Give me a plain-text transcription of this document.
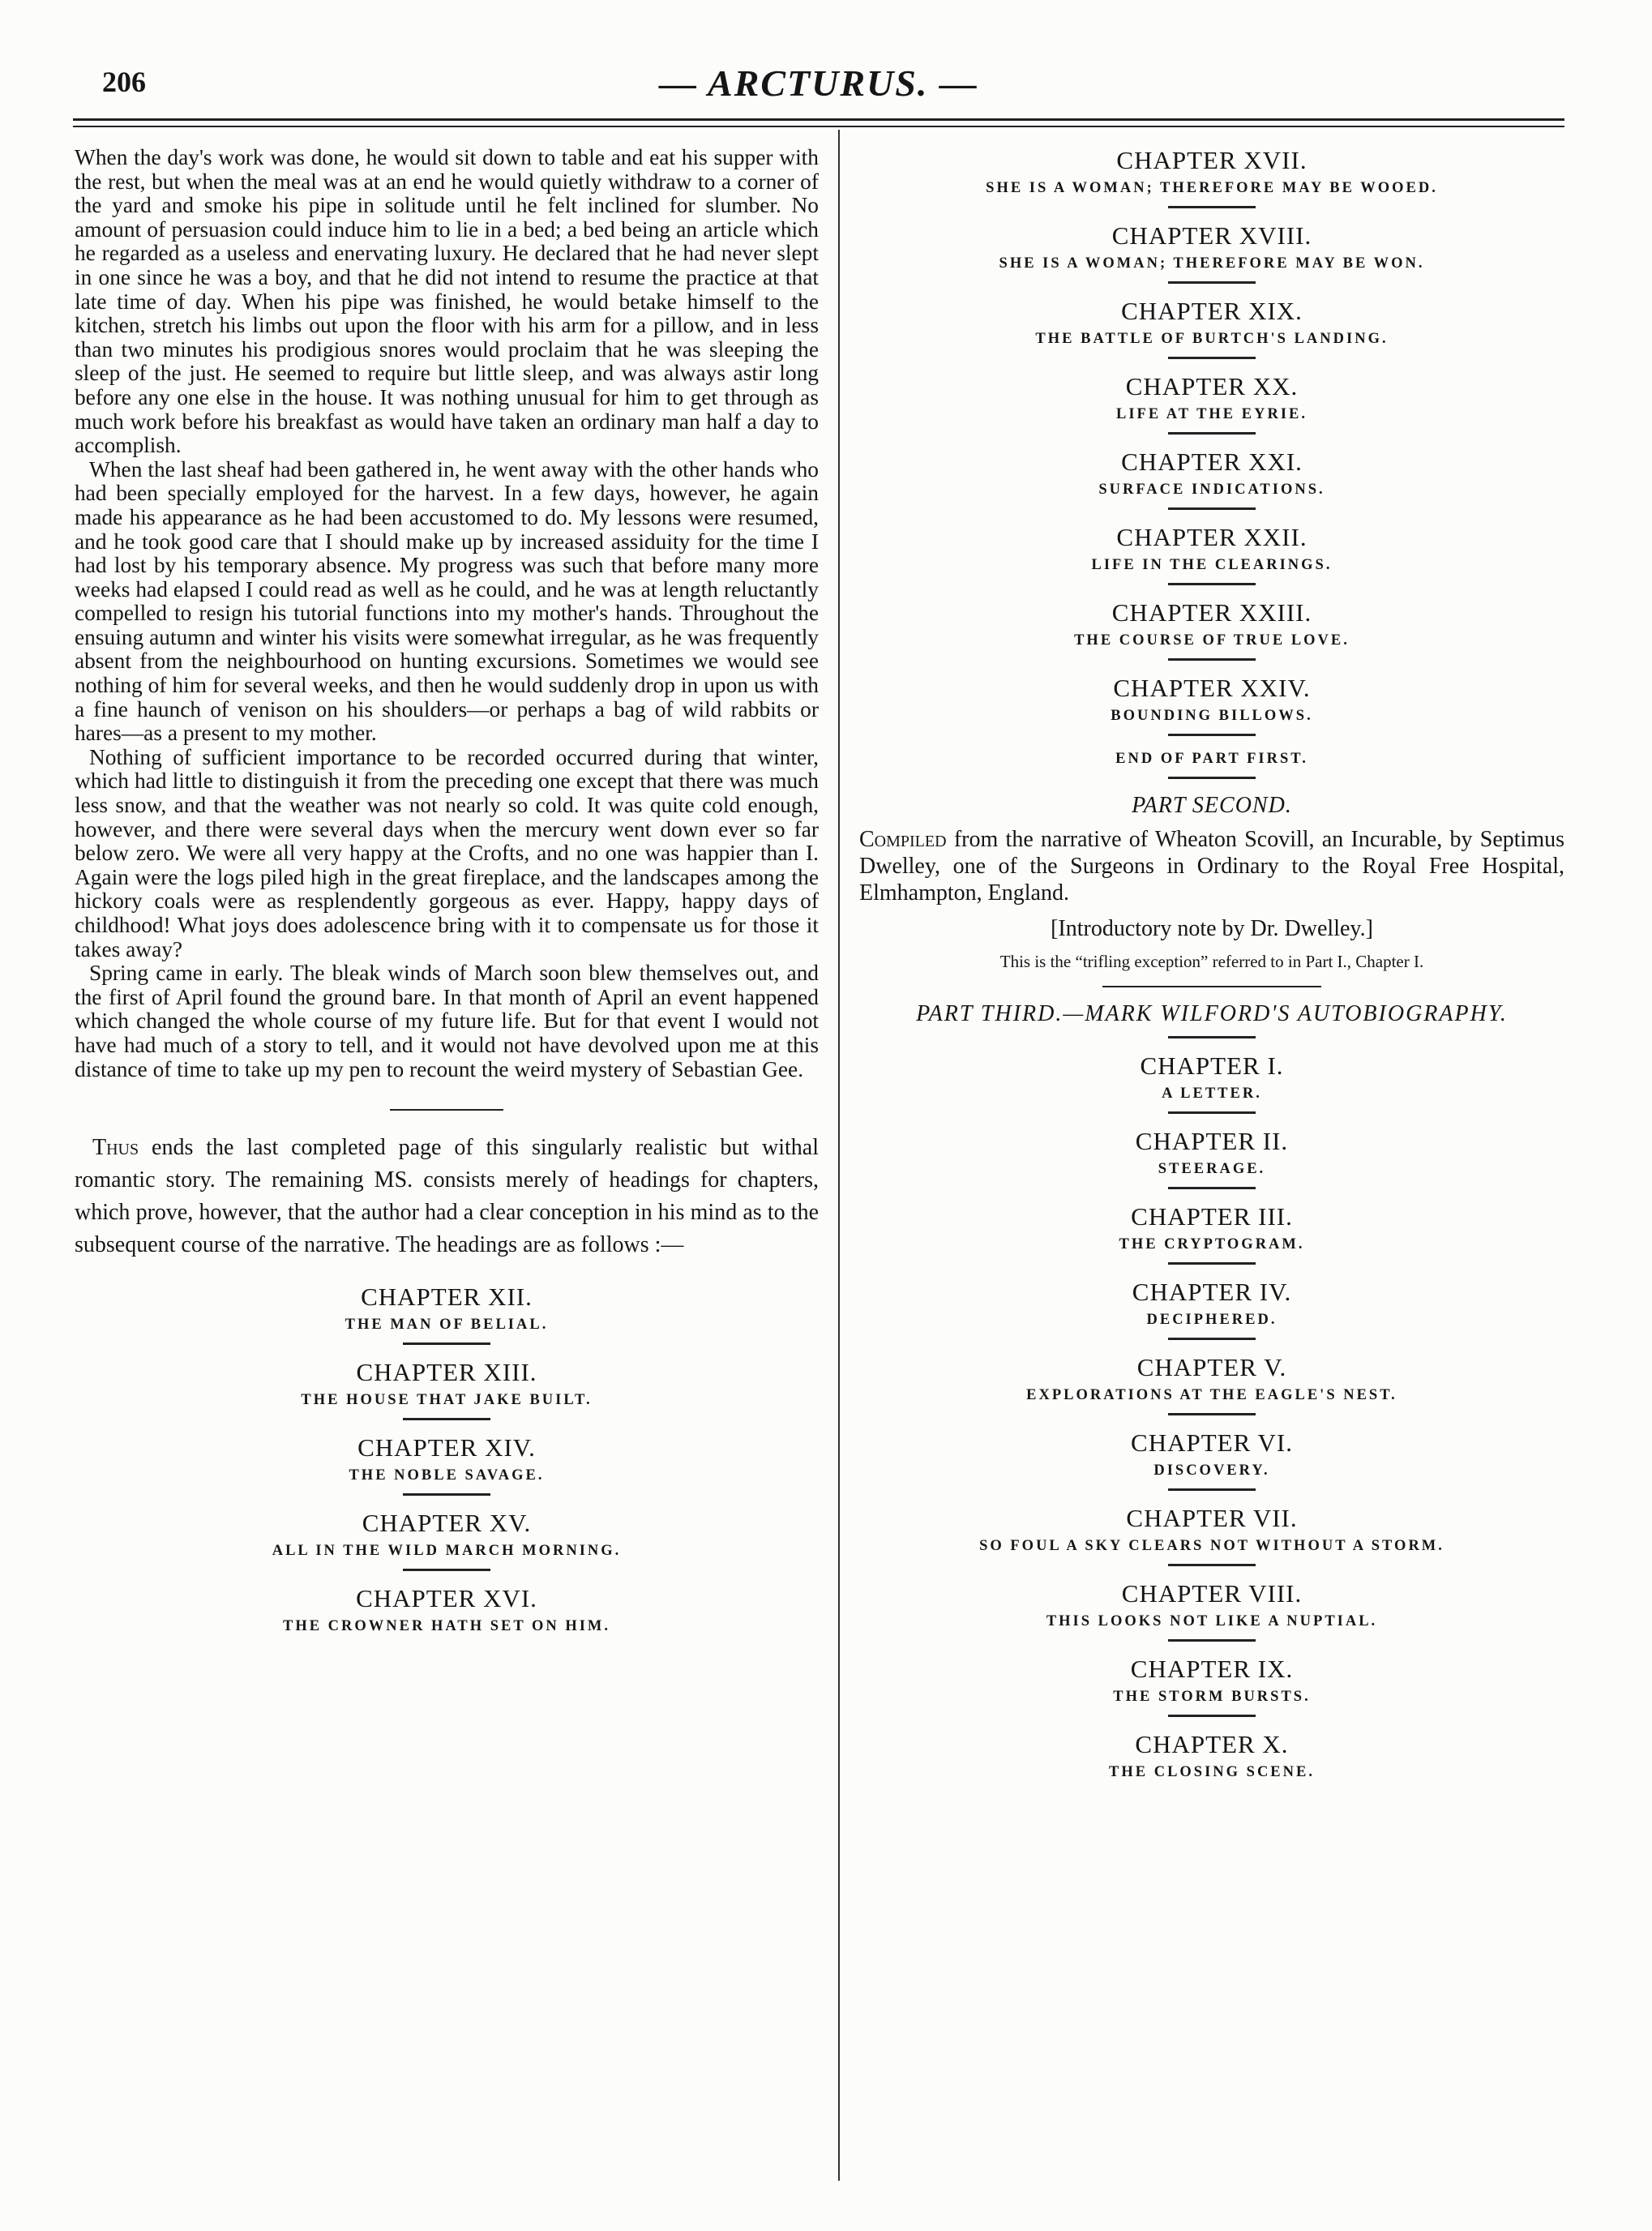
206	— ARCTURUS. —

When the day's work was done, he would sit down to table and eat his supper with the rest, but when the meal was at an end he would quietly withdraw to a corner of the yard and smoke his pipe in solitude until he felt inclined for slumber. No amount of persuasion could induce him to lie in a bed; a bed being an article which he regarded as a useless and enervating luxury. He declared that he had never slept in one since he was a boy, and that he did not intend to resume the practice at that late time of day. When his pipe was finished, he would betake himself to the kitchen, stretch his limbs out upon the floor with his arm for a pillow, and in less than two minutes his prodigious snores would proclaim that he was sleeping the sleep of the just. He seemed to require but little sleep, and was always astir long before any one else in the house. It was nothing unusual for him to get through as much work before his breakfast as would have taken an ordinary man half a day to accomplish.

When the last sheaf had been gathered in, he went away with the other hands who had been specially employed for the harvest. In a few days, however, he again made his appearance as he had been accustomed to do. My lessons were resumed, and he took good care that I should make up by increased assiduity for the time I had lost by his temporary absence. My progress was such that before many more weeks had elapsed I could read as well as he could, and he was at length reluctantly compelled to resign his tutorial functions into my mother's hands. Throughout the ensuing autumn and winter his visits were somewhat irregular, as he was frequently absent from the neighbourhood on hunting excursions. Sometimes we would see nothing of him for several weeks, and then he would suddenly drop in upon us with a fine haunch of venison on his shoulders—or perhaps a bag of wild rabbits or hares—as a present to my mother.

Nothing of sufficient importance to be recorded occurred during that winter, which had little to distinguish it from the preceding one except that there was much less snow, and that the weather was not nearly so cold. It was quite cold enough, however, and there were several days when the mercury went down ever so far below zero. We were all very happy at the Crofts, and no one was happier than I. Again were the logs piled high in the great fireplace, and the landscapes among the hickory coals were as resplendently gorgeous as ever. Happy, happy days of childhood! What joys does adolescence bring with it to compensate us for those it takes away?

Spring came in early. The bleak winds of March soon blew themselves out, and the first of April found the ground bare. In that month of April an event happened which changed the whole course of my future life. But for that event I would not have had much of a story to tell, and it would not have devolved upon me at this distance of time to take up my pen to recount the weird mystery of Sebastian Gee.

Thus ends the last completed page of this singularly realistic but withal romantic story. The remaining MS. consists merely of headings for chapters, which prove, however, that the author had a clear conception in his mind as to the subsequent course of the narrative. The headings are as follows :—

CHAPTER XII.
THE MAN OF BELIAL.
CHAPTER XIII.
THE HOUSE THAT JAKE BUILT.
CHAPTER XIV.
THE NOBLE SAVAGE.
CHAPTER XV.
ALL IN THE WILD MARCH MORNING.
CHAPTER XVI.
THE CROWNER HATH SET ON HIM.
CHAPTER XVII.
SHE IS A WOMAN; THEREFORE MAY BE WOOED.
CHAPTER XVIII.
SHE IS A WOMAN; THEREFORE MAY BE WON.
CHAPTER XIX.
THE BATTLE OF BURTCH'S LANDING.
CHAPTER XX.
LIFE AT THE EYRIE.
CHAPTER XXI.
SURFACE INDICATIONS.
CHAPTER XXII.
LIFE IN THE CLEARINGS.
CHAPTER XXIII.
THE COURSE OF TRUE LOVE.
CHAPTER XXIV.
BOUNDING BILLOWS.
END OF PART FIRST.
PART SECOND.
Compiled from the narrative of Wheaton Scovill, an Incurable, by Septimus Dwelley, one of the Surgeons in Ordinary to the Royal Free Hospital, Elmhampton, England.
[Introductory note by Dr. Dwelley.]
This is the “trifling exception” referred to in Part I., Chapter I.
PART THIRD.—MARK WILFORD'S AUTOBIOGRAPHY.
CHAPTER I.
A LETTER.
CHAPTER II.
STEERAGE.
CHAPTER III.
THE CRYPTOGRAM.
CHAPTER IV.
DECIPHERED.
CHAPTER V.
EXPLORATIONS AT THE EAGLE'S NEST.
CHAPTER VI.
DISCOVERY.
CHAPTER VII.
SO FOUL A SKY CLEARS NOT WITHOUT A STORM.
CHAPTER VIII.
THIS LOOKS NOT LIKE A NUPTIAL.
CHAPTER IX.
THE STORM BURSTS.
CHAPTER X.
THE CLOSING SCENE.
